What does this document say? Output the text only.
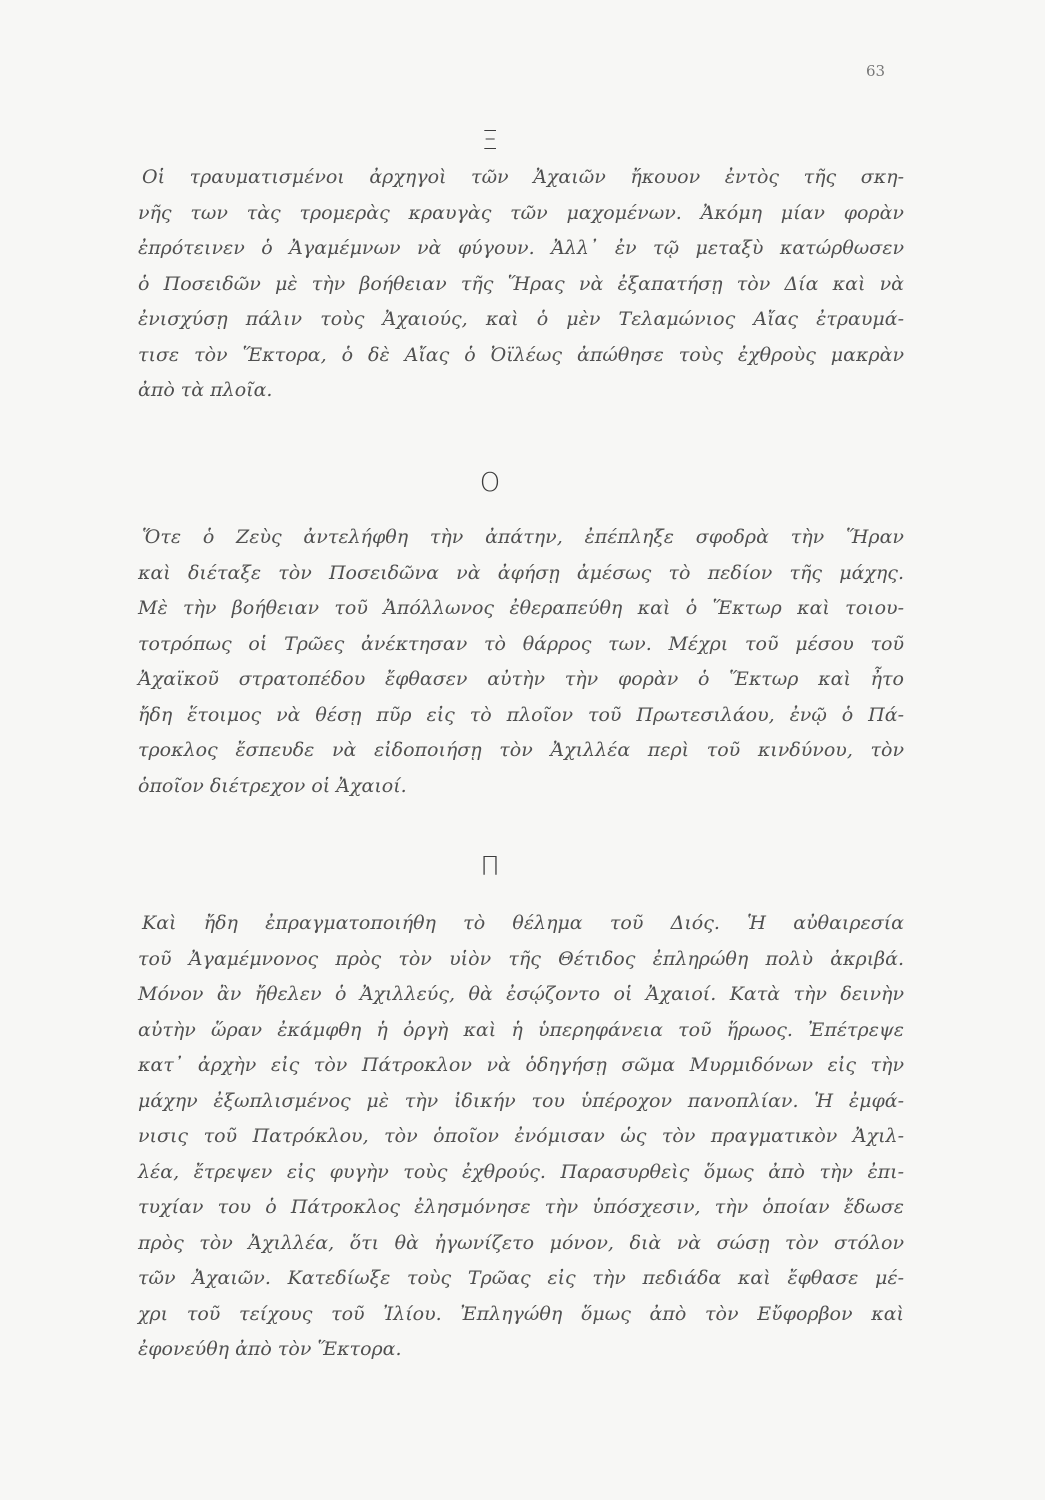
63
Ξ
Οἱ τραυματισμένοι ἀρχηγοὶ τῶν Ἀχαιῶν ἤκουον ἐντὸς τῆς σκη-
νῆς των τὰς τρομερὰς κραυγὰς τῶν μαχομένων. Ἀκόμη μίαν φορὰν
ἐπρότεινεν ὁ Ἀγαμέμνων νὰ φύγουν. Ἀλλ᾽ ἐν τῷ μεταξὺ κατώρθωσεν
ὁ Ποσειδῶν μὲ τὴν βοήθειαν τῆς Ἥρας νὰ ἐξαπατήσῃ τὸν Δία καὶ νὰ
ἐνισχύσῃ πάλιν τοὺς Ἀχαιούς, καὶ ὁ μὲν Τελαμώνιος Αἴας ἐτραυμά-
τισε τὸν Ἕκτορα, ὁ δὲ Αἴας ὁ Ὀϊλέως ἀπώθησε τοὺς ἐχθροὺς μακρὰν
ἀπὸ τὰ πλοῖα.
Ο
Ὅτε ὁ Ζεὺς ἀντελήφθη τὴν ἀπάτην, ἐπέπληξε σφοδρὰ τὴν Ἥραν
καὶ διέταξε τὸν Ποσειδῶνα νὰ ἀφήσῃ ἀμέσως τὸ πεδίον τῆς μάχης.
Μὲ τὴν βοήθειαν τοῦ Ἀπόλλωνος ἐθεραπεύθη καὶ ὁ Ἕκτωρ καὶ τοιου-
τοτρόπως οἱ Τρῶες ἀνέκτησαν τὸ θάρρος των. Μέχρι τοῦ μέσου τοῦ
Ἀχαϊκοῦ στρατοπέδου ἔφθασεν αὐτὴν τὴν φορὰν ὁ Ἕκτωρ καὶ ἦτο
ἤδη ἕτοιμος νὰ θέσῃ πῦρ εἰς τὸ πλοῖον τοῦ Πρωτεσιλάου, ἐνῷ ὁ Πά-
τροκλος ἔσπευδε νὰ εἰδοποιήσῃ τὸν Ἀχιλλέα περὶ τοῦ κινδύνου, τὸν
ὁποῖον διέτρεχον οἱ Ἀχαιοί.
Π
Καὶ ἤδη ἐπραγματοποιήθη τὸ θέλημα τοῦ Διός. Ἡ αὐθαιρεσία
τοῦ Ἀγαμέμνονος πρὸς τὸν υἱὸν τῆς Θέτιδος ἐπληρώθη πολὺ ἀκριβά.
Μόνον ἂν ἤθελεν ὁ Ἀχιλλεύς, θὰ ἐσῴζοντο οἱ Ἀχαιοί. Κατὰ τὴν δεινὴν
αὐτὴν ὥραν ἐκάμφθη ἡ ὀργὴ καὶ ἡ ὑπερηφάνεια τοῦ ἥρωος. Ἐπέτρεψε
κατ᾽ ἀρχὴν εἰς τὸν Πάτροκλον νὰ ὁδηγήσῃ σῶμα Μυρμιδόνων εἰς τὴν
μάχην ἐξωπλισμένος μὲ τὴν ἰδικήν του ὑπέροχον πανοπλίαν. Ἡ ἐμφά-
νισις τοῦ Πατρόκλου, τὸν ὁποῖον ἐνόμισαν ὡς τὸν πραγματικὸν Ἀχιλ-
λέα, ἔτρεψεν εἰς φυγὴν τοὺς ἐχθρούς. Παρασυρθεὶς ὅμως ἀπὸ τὴν ἐπι-
τυχίαν του ὁ Πάτροκλος ἐλησμόνησε τὴν ὑπόσχεσιν, τὴν ὁποίαν ἔδωσε
πρὸς τὸν Ἀχιλλέα, ὅτι θὰ ἠγωνίζετο μόνον, διὰ νὰ σώσῃ τὸν στόλον
τῶν Ἀχαιῶν. Κατεδίωξε τοὺς Τρῶας εἰς τὴν πεδιάδα καὶ ἔφθασε μέ-
χρι τοῦ τείχους τοῦ Ἰλίου. Ἐπληγώθη ὅμως ἀπὸ τὸν Εὔφορβον καὶ
ἐφονεύθη ἀπὸ τὸν Ἕκτορα.
